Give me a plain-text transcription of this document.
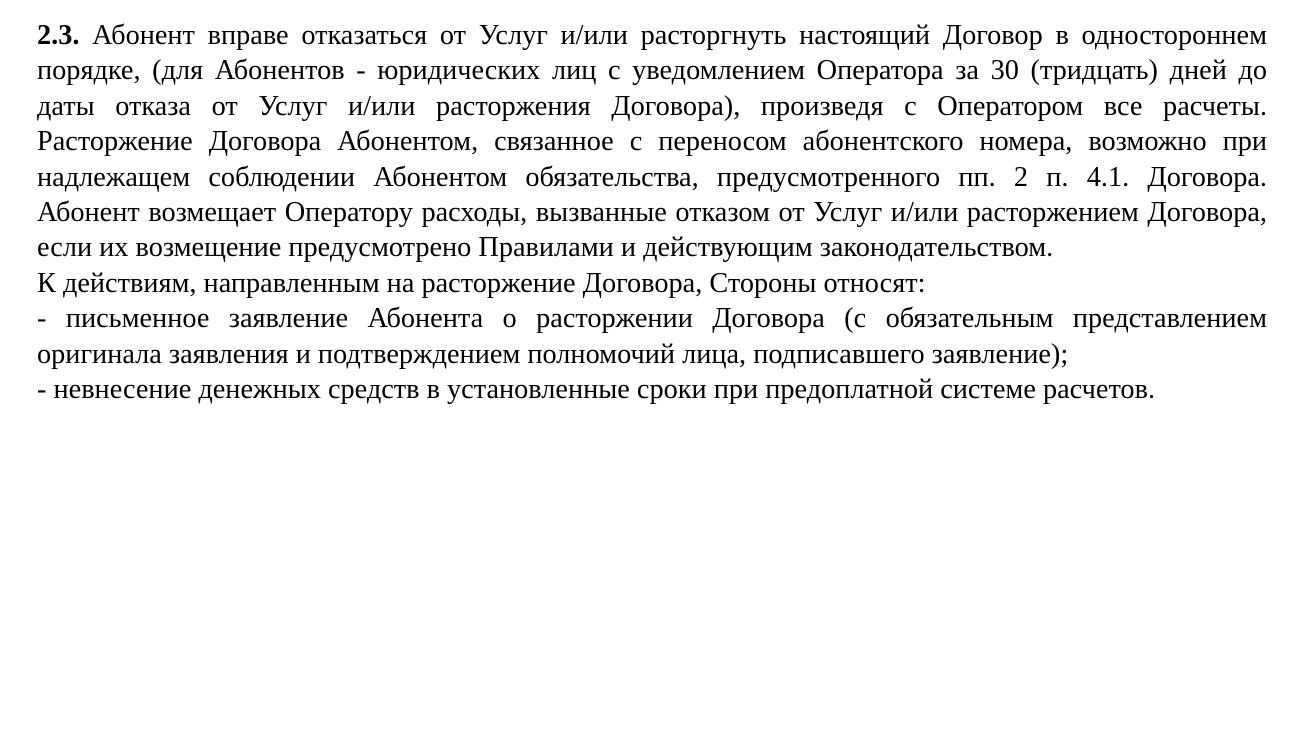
2.3. Абонент вправе отказаться от Услуг и/или расторгнуть настоящий Договор в одностороннем порядке, (для Абонентов - юридических лиц с уведомлением Оператора за 30 (тридцать) дней до даты отказа от Услуг и/или расторжения Договора), произведя с Оператором все расчеты. Расторжение Договора Абонентом, связанное с переносом абонентского номера, возможно при надлежащем соблюдении Абонентом обязательства, предусмотренного пп. 2 п. 4.1. Договора. Абонент возмещает Оператору расходы, вызванные отказом от Услуг и/или расторжением Договора, если их возмещение предусмотрено Правилами и действующим законодательством.

К действиям, направленным на расторжение Договора, Стороны относят:

- письменное заявление Абонента о расторжении Договора (с обязательным представлением оригинала заявления и подтверждением полномочий лица, подписавшего заявление);

- невнесение денежных средств в установленные сроки при предоплатной системе расчетов.
